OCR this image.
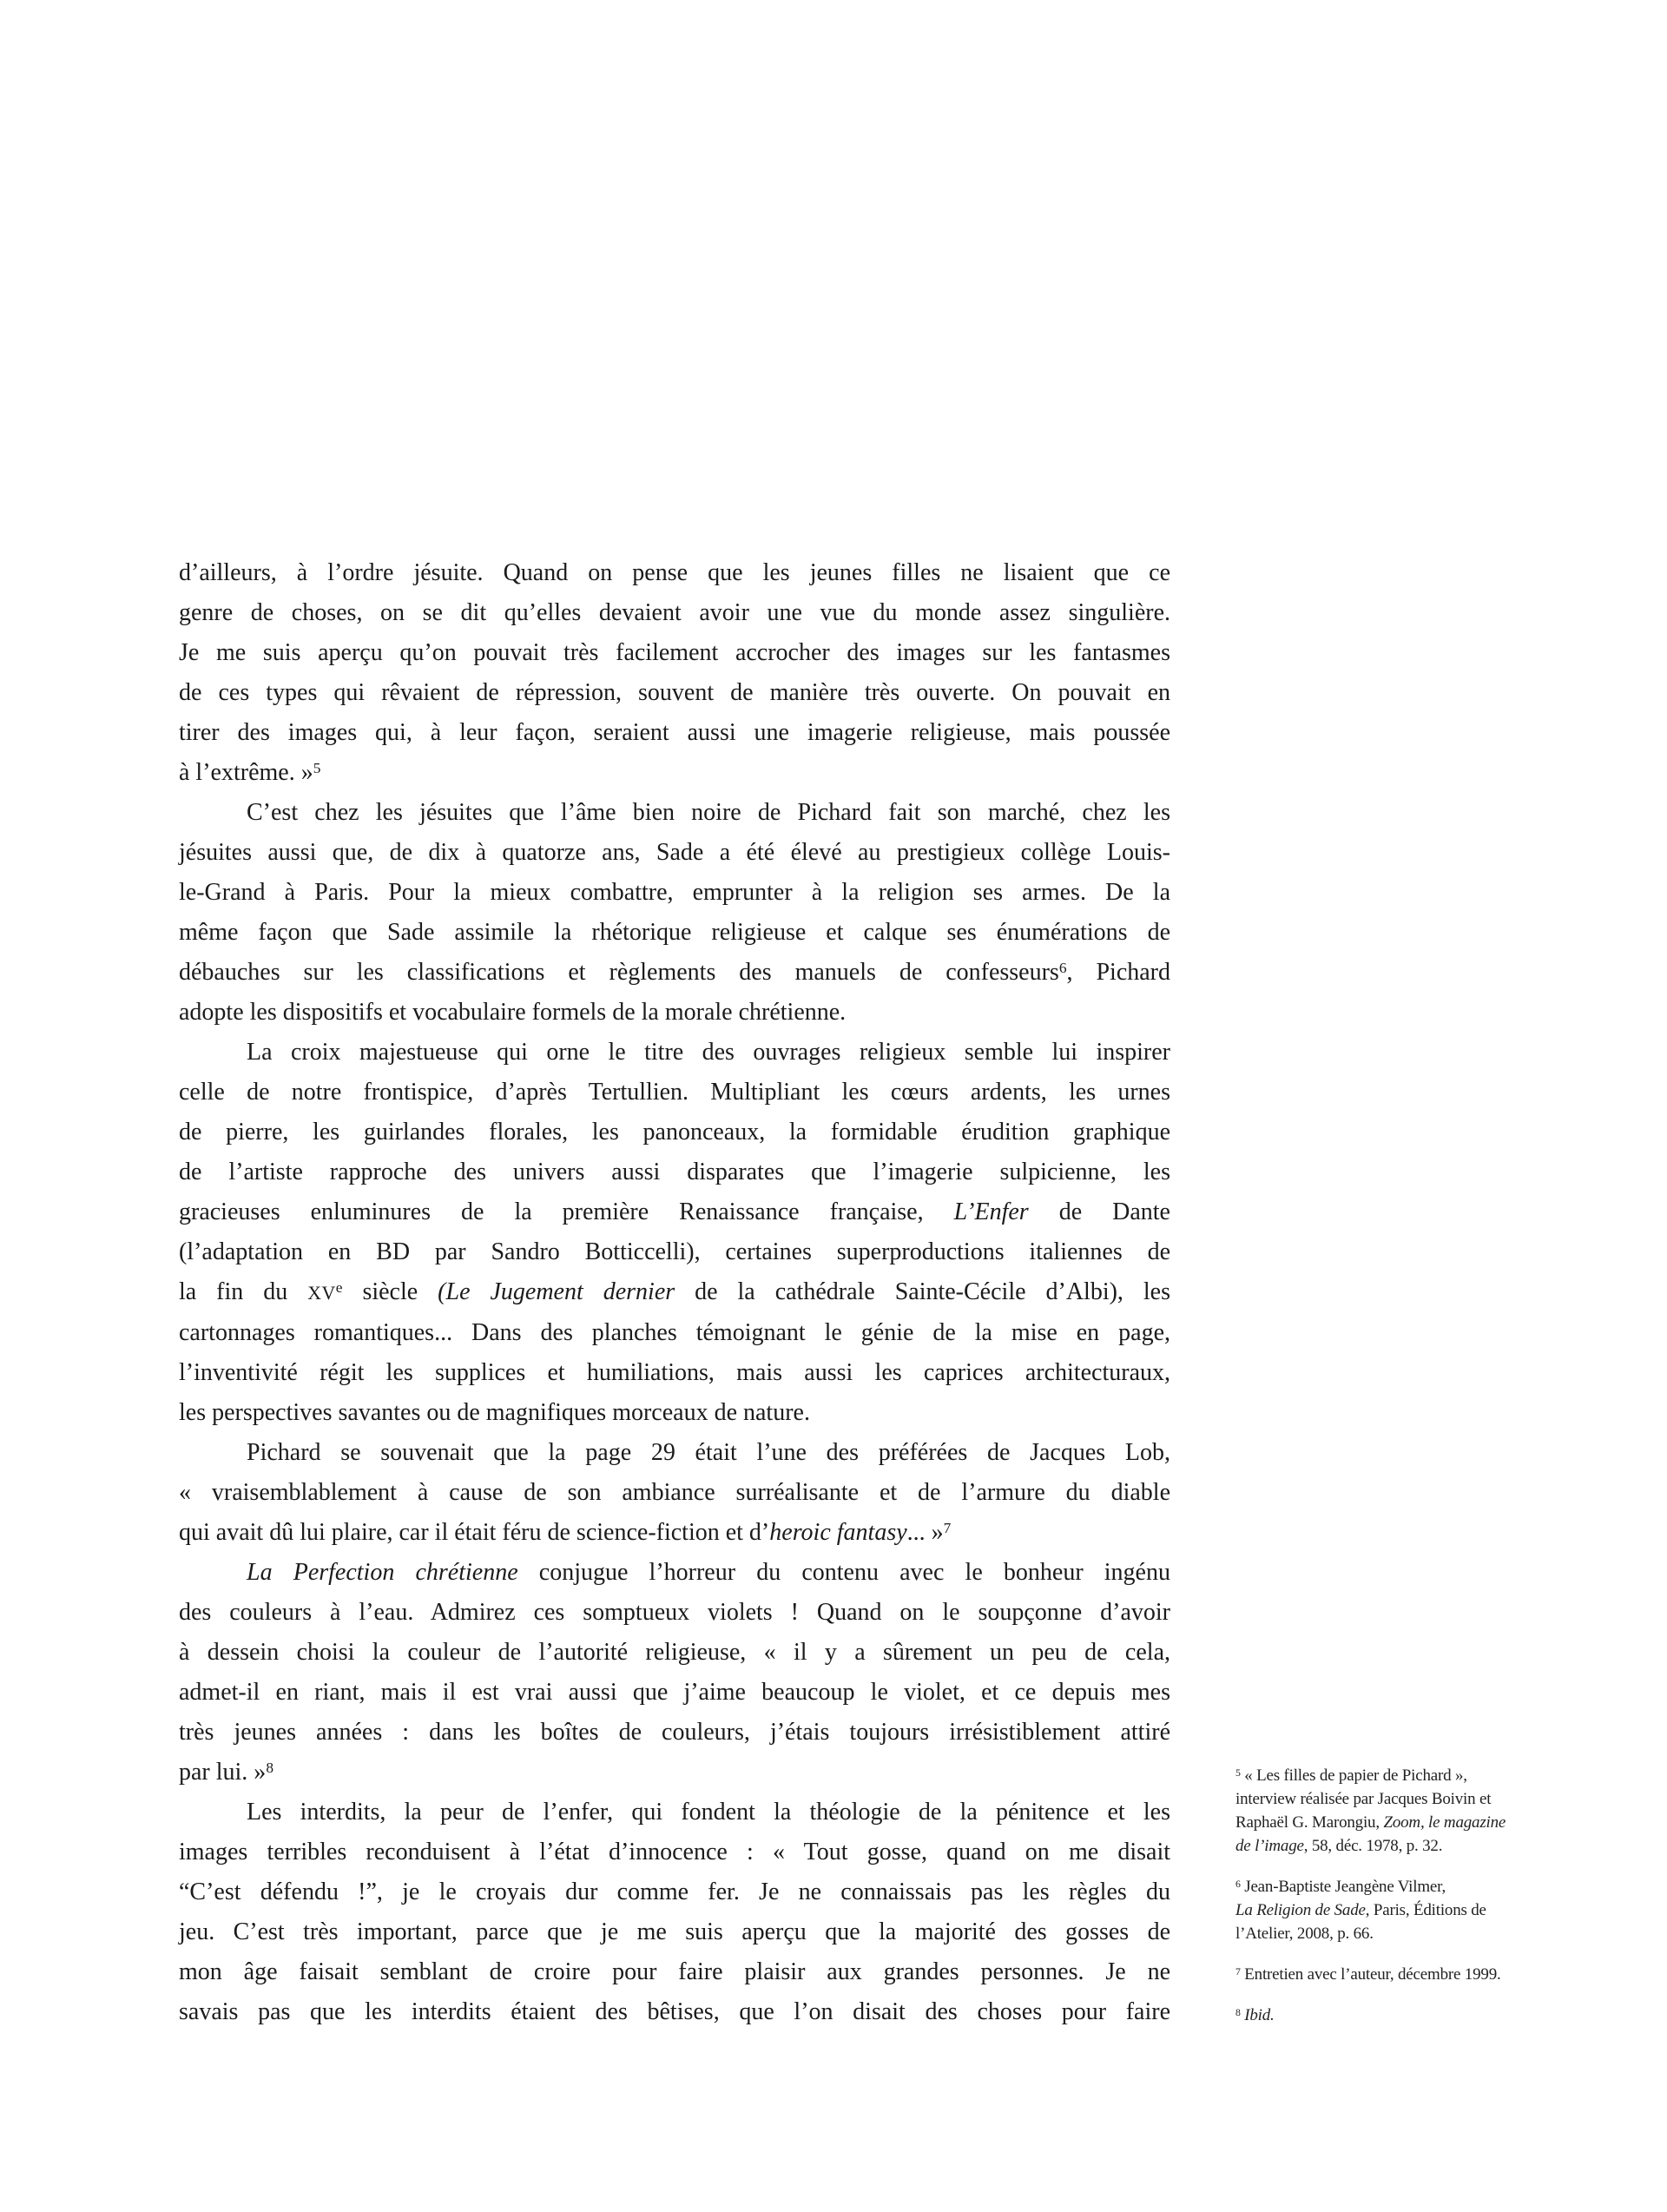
d’ailleurs, à l’ordre jésuite. Quand on pense que les jeunes filles ne lisaient que ce
genre de choses, on se dit qu’elles devaient avoir une vue du monde assez singulière.
Je me suis aperçu qu’on pouvait très facilement accrocher des images sur les fantasmes
de ces types qui rêvaient de répression, souvent de manière très ouverte. On pouvait en
tirer des images qui, à leur façon, seraient aussi une imagerie religieuse, mais poussée
à l’extrême. »$^5$
C’est chez les jésuites que l’âme bien noire de Pichard fait son marché, chez les
jésuites aussi que, de dix à quatorze ans, Sade a été élevé au prestigieux collège Louis-
le-Grand à Paris. Pour la mieux combattre, emprunter à la religion ses armes. De la
même façon que Sade assimile la rhétorique religieuse et calque ses énumérations de
débauches sur les classifications et règlements des manuels de confesseurs$^6$, Pichard
adopte les dispositifs et vocabulaire formels de la morale chrétienne.
La croix majestueuse qui orne le titre des ouvrages religieux semble lui inspirer
celle de notre frontispice, d’après Tertullien. Multipliant les cœurs ardents, les urnes
de pierre, les guirlandes florales, les panonceaux, la formidable érudition graphique
de l’artiste rapproche des univers aussi disparates que l’imagerie sulpicienne, les
gracieuses enluminures de la première Renaissance française, L’Enfer de Dante
(l’adaptation en BD par Sandro Botticcelli), certaines superproductions italiennes de
la fin du XVe siècle (Le Jugement dernier de la cathédrale Sainte-Cécile d’Albi), les
cartonnages romantiques... Dans des planches témoignant le génie de la mise en page,
l’inventivité régit les supplices et humiliations, mais aussi les caprices architecturaux,
les perspectives savantes ou de magnifiques morceaux de nature.
Pichard se souvenait que la page 29 était l’une des préférées de Jacques Lob,
« vraisemblablement à cause de son ambiance surréalisante et de l’armure du diable
qui avait dû lui plaire, car il était féru de science-fiction et d’heroic fantasy... »$^7$
La Perfection chrétienne conjugue l’horreur du contenu avec le bonheur ingénu
des couleurs à l’eau. Admirez ces somptueux violets ! Quand on le soupçonne d’avoir
à dessein choisi la couleur de l’autorité religieuse, « il y a sûrement un peu de cela,
admet-il en riant, mais il est vrai aussi que j’aime beaucoup le violet, et ce depuis mes
très jeunes années : dans les boîtes de couleurs, j’étais toujours irrésistiblement attiré
par lui. »$^8$
Les interdits, la peur de l’enfer, qui fondent la théologie de la pénitence et les
images terribles reconduisent à l’état d’innocence : « Tout gosse, quand on me disait
“C’est défendu !”, je le croyais dur comme fer. Je ne connaissais pas les règles du
jeu. C’est très important, parce que je me suis aperçu que la majorité des gosses de
mon âge faisait semblant de croire pour faire plaisir aux grandes personnes. Je ne
savais pas que les interdits étaient des bêtises, que l’on disait des choses pour faire
$^5$ « Les filles de papier de Pichard »,
interview réalisée par Jacques Boivin et
Raphaël G. Marongiu, Zoom, le magazine
de l’image, 58, déc. 1978, p. 32.
$^6$ Jean-Baptiste Jeangène Vilmer,
La Religion de Sade, Paris, Éditions de
l’Atelier, 2008, p. 66.
$^7$ Entretien avec l’auteur, décembre 1999.
$^8$ Ibid.
